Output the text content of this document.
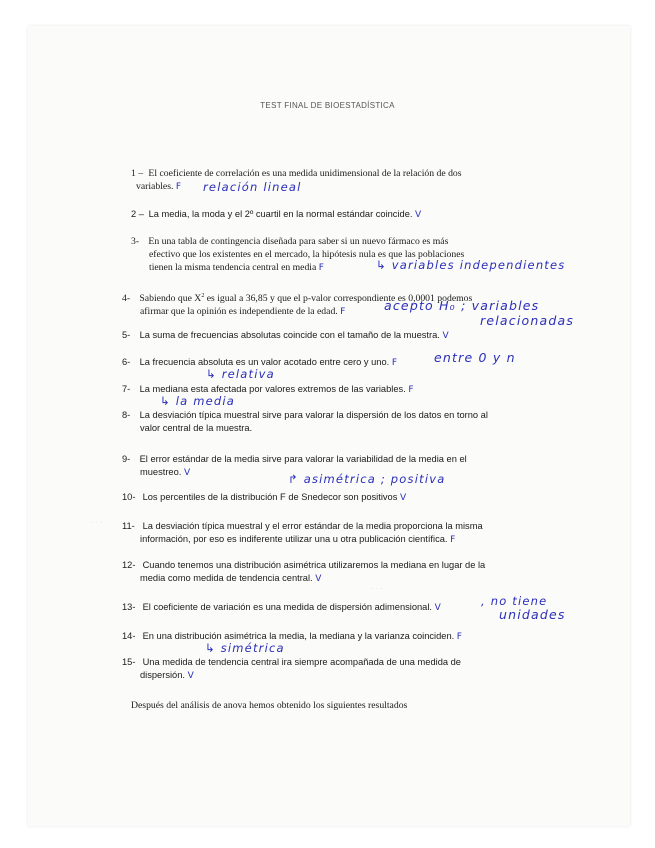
· · ·
· · ·
TEST FINAL DE BIOESTADÍSTICA
1 – El coeficiente de correlación es una medida unidimensional de la relación de dos
variables. F	relación lineal
2 – La media, la moda y el 2º cuartil en la normal estándar coincide. V
3- En una tabla de contingencia diseñada para saber si un nuevo fármaco es más
efectivo que los existentes en el mercado, la hipótesis nula es que las poblaciones
tienen la misma tendencia central en media F	↳ variables independientes
4- Sabiendo que $X^2$ es igual a 36,85 y que el p-valor correspondiente es 0,0001 podemos
afirmar que la opinión es independiente de la edad. F	acepto H₀ ; variables
relacionadas
5- La suma de frecuencias absolutas coincide con el tamaño de la muestra. V
6- La frecuencia absoluta es un valor acotado entre cero y uno. F	entre 0 y n
↳ relativa
7- La mediana esta afectada por valores extremos de las variables. F
↳ la media
8- La desviación típica muestral sirve para valorar la dispersión de los datos en torno al
valor central de la muestra.
9- El error estándar de la media sirve para valorar la variabilidad de la media en el
muestreo. V	↱ asimétrica ; positiva
10- Los percentiles de la distribución F de Snedecor son positivos V
11- La desviación típica muestral y el error estándar de la media proporciona la misma
información, por eso es indiferente utilizar una u otra publicación científica. F
12- Cuando tenemos una distribución asimétrica utilizaremos la mediana en lugar de la
media como medida de tendencia central. V
13- El coeficiente de variación es una medida de dispersión adimensional. V	, no tiene
unidades
14- En una distribución asimétrica la media, la mediana y la varianza coinciden. F
↳ simétrica
15- Una medida de tendencia central ira siempre acompañada de una medida de
dispersión. V
Después del análisis de anova hemos obtenido los siguientes resultados
